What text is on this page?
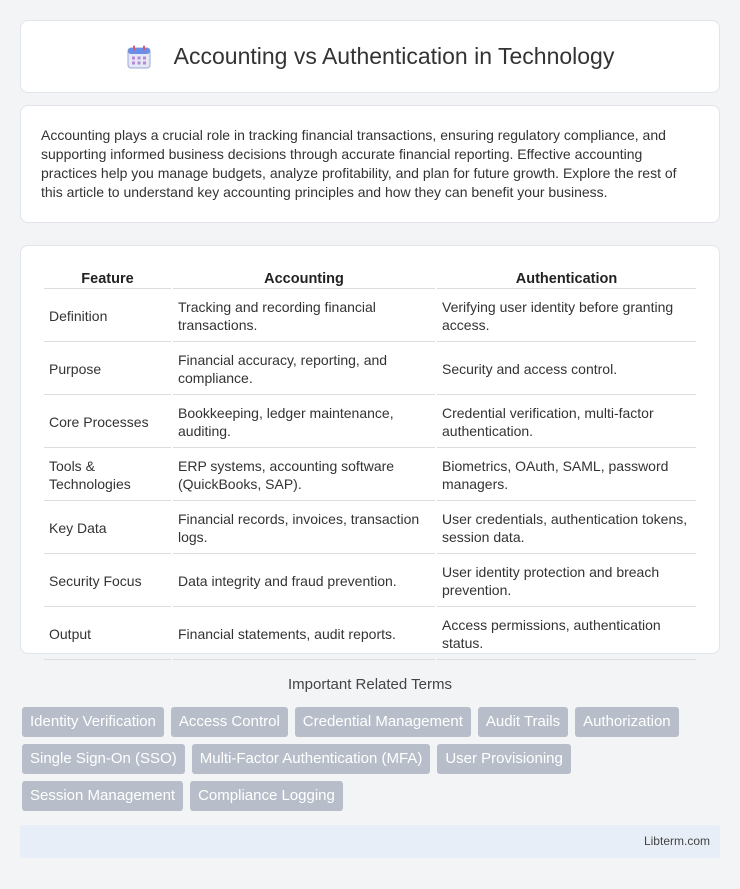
Accounting vs Authentication in Technology

Accounting plays a crucial role in tracking financial transactions, ensuring regulatory compliance, and supporting informed business decisions through accurate financial reporting. Effective accounting practices help you manage budgets, analyze profitability, and plan for future growth. Explore the rest of this article to understand key accounting principles and how they can benefit your business.

Feature	Accounting	Authentication
Definition	Tracking and recording financial transactions.	Verifying user identity before granting access.
Purpose	Financial accuracy, reporting, and compliance.	Security and access control.
Core Processes	Bookkeeping, ledger maintenance, auditing.	Credential verification, multi-factor authentication.
Tools & Technologies	ERP systems, accounting software (QuickBooks, SAP).	Biometrics, OAuth, SAML, password managers.
Key Data	Financial records, invoices, transaction logs.	User credentials, authentication tokens, session data.
Security Focus	Data integrity and fraud prevention.	User identity protection and breach prevention.
Output	Financial statements, audit reports.	Access permissions, authentication status.
Important Related Terms
Identity Verification	Access Control	Credential Management	Audit Trails	Authorization
Single Sign-On (SSO)	Multi-Factor Authentication (MFA)	User Provisioning
Session Management	Compliance Logging
Libterm.com
